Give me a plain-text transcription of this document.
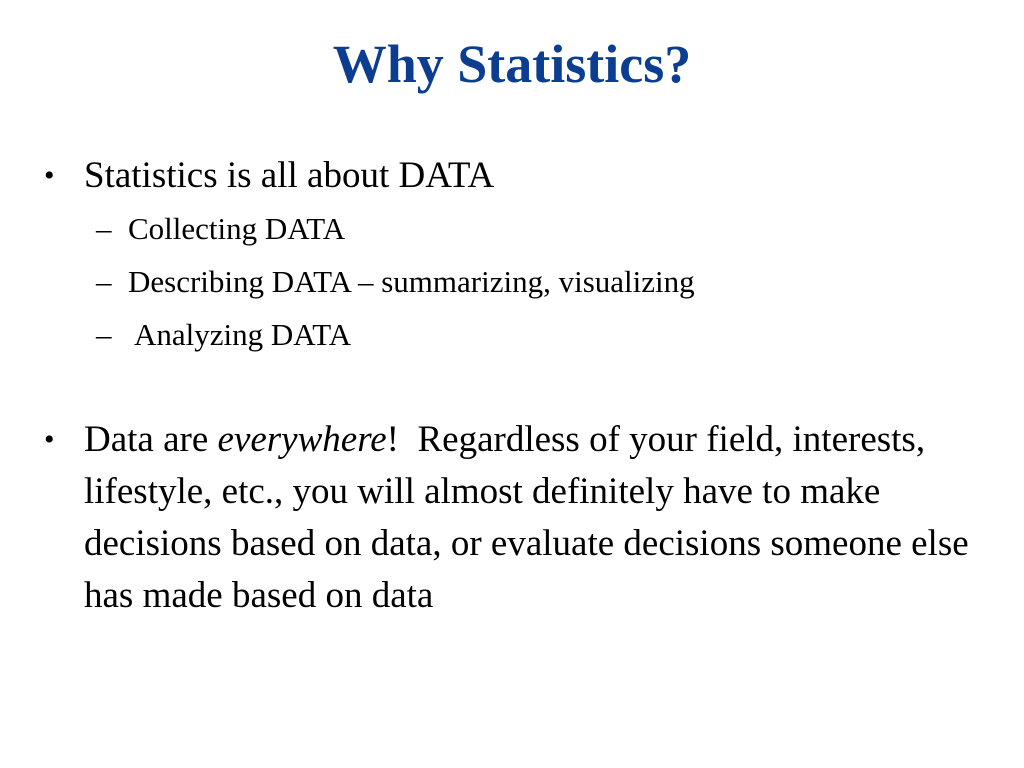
Why Statistics?
• Statistics is all about DATA
– Collecting DATA
– Describing DATA – summarizing, visualizing
– Analyzing DATA
• Data are everywhere!  Regardless of your field, interests, lifestyle, etc., you will almost definitely have to make decisions based on data, or evaluate decisions someone else has made based on data
